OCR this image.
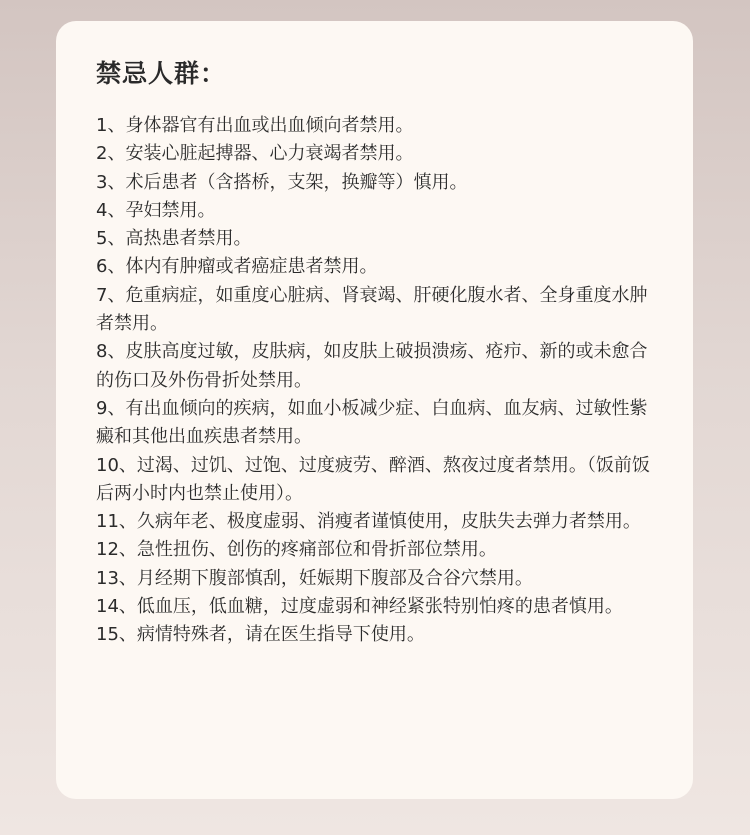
禁忌人群：
1、身体器官有出血或出血倾向者禁用。
2、安装心脏起搏器、心力衰竭者禁用。
3、术后患者（含搭桥，支架，换瓣等）慎用。
4、孕妇禁用。
5、高热患者禁用。
6、体内有肿瘤或者癌症患者禁用。
7、危重病症，如重度心脏病、肾衰竭、肝硬化腹水者、全身重度水肿者禁用。
8、皮肤高度过敏，皮肤病，如皮肤上破损溃疡、疮疖、新的或未愈合的伤口及外伤骨折处禁用。
9、有出血倾向的疾病，如血小板减少症、白血病、血友病、过敏性紫癜和其他出血疾患者禁用。
10、过渴、过饥、过饱、过度疲劳、醉酒、熬夜过度者禁用。（饭前饭后两小时内也禁止使用）。
11、久病年老、极度虚弱、消瘦者谨慎使用，皮肤失去弹力者禁用。
12、急性扭伤、创伤的疼痛部位和骨折部位禁用。
13、月经期下腹部慎刮，妊娠期下腹部及合谷穴禁用。
14、低血压，低血糖，过度虚弱和神经紧张特别怕疼的患者慎用。
15、病情特殊者，请在医生指导下使用。
